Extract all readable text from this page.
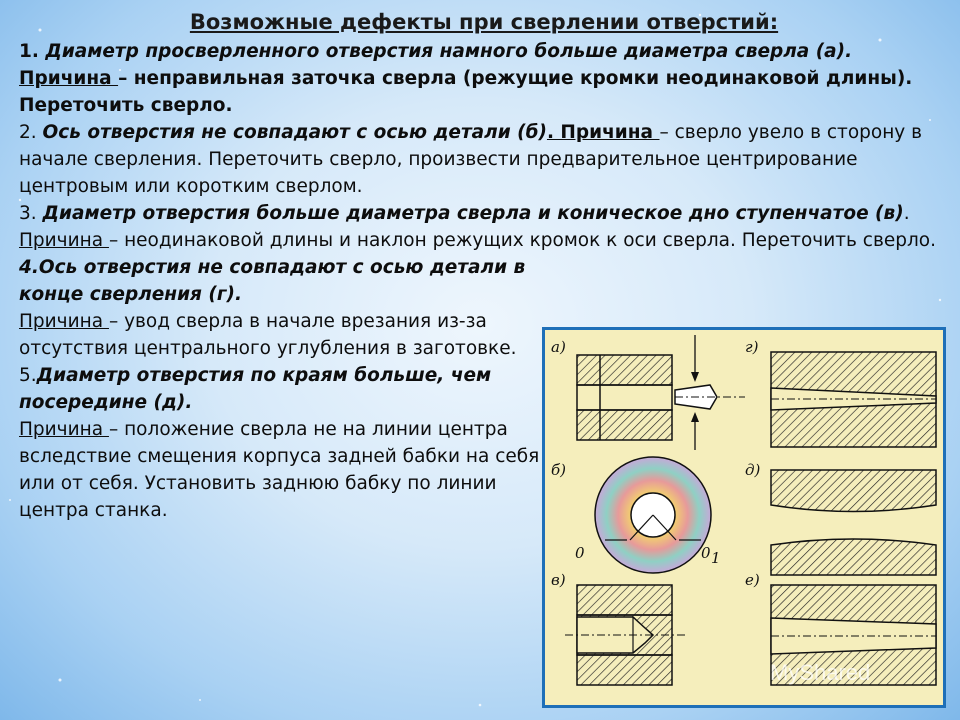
Возможные дефекты при сверлении отверстий:

1. Диаметр просверленного отверстия намного больше диаметра сверла (а). Причина – неправильная заточка сверла (режущие кромки неодинаковой длины). Переточить сверло.

2. Ось отверстия не совпадают с осью детали (б). Причина – сверло увело в сторону в начале сверления. Переточить сверло, произвести предварительное центрирование центровым или коротким сверлом.

3. Диаметр отверстия больше диаметра сверла и коническое дно ступенчатое (в). Причина – неодинаковой длины и наклон режущих кромок к оси сверла. Переточить сверло.

4.Ось отверстия не совпадают с осью детали в конце сверления (г).
Причина – увод сверла в начале врезания из-за отсутствия центрального углубления в заготовке.

5.Диаметр отверстия по краям больше, чем посередине (д).
Причина – положение сверла не на линии центра вследствие смещения корпуса задней бабки на себя или от себя. Установить заднюю бабку по линии центра станка.

а)	г)
б)
0	0 1
д)
в)	е)
MyShared
